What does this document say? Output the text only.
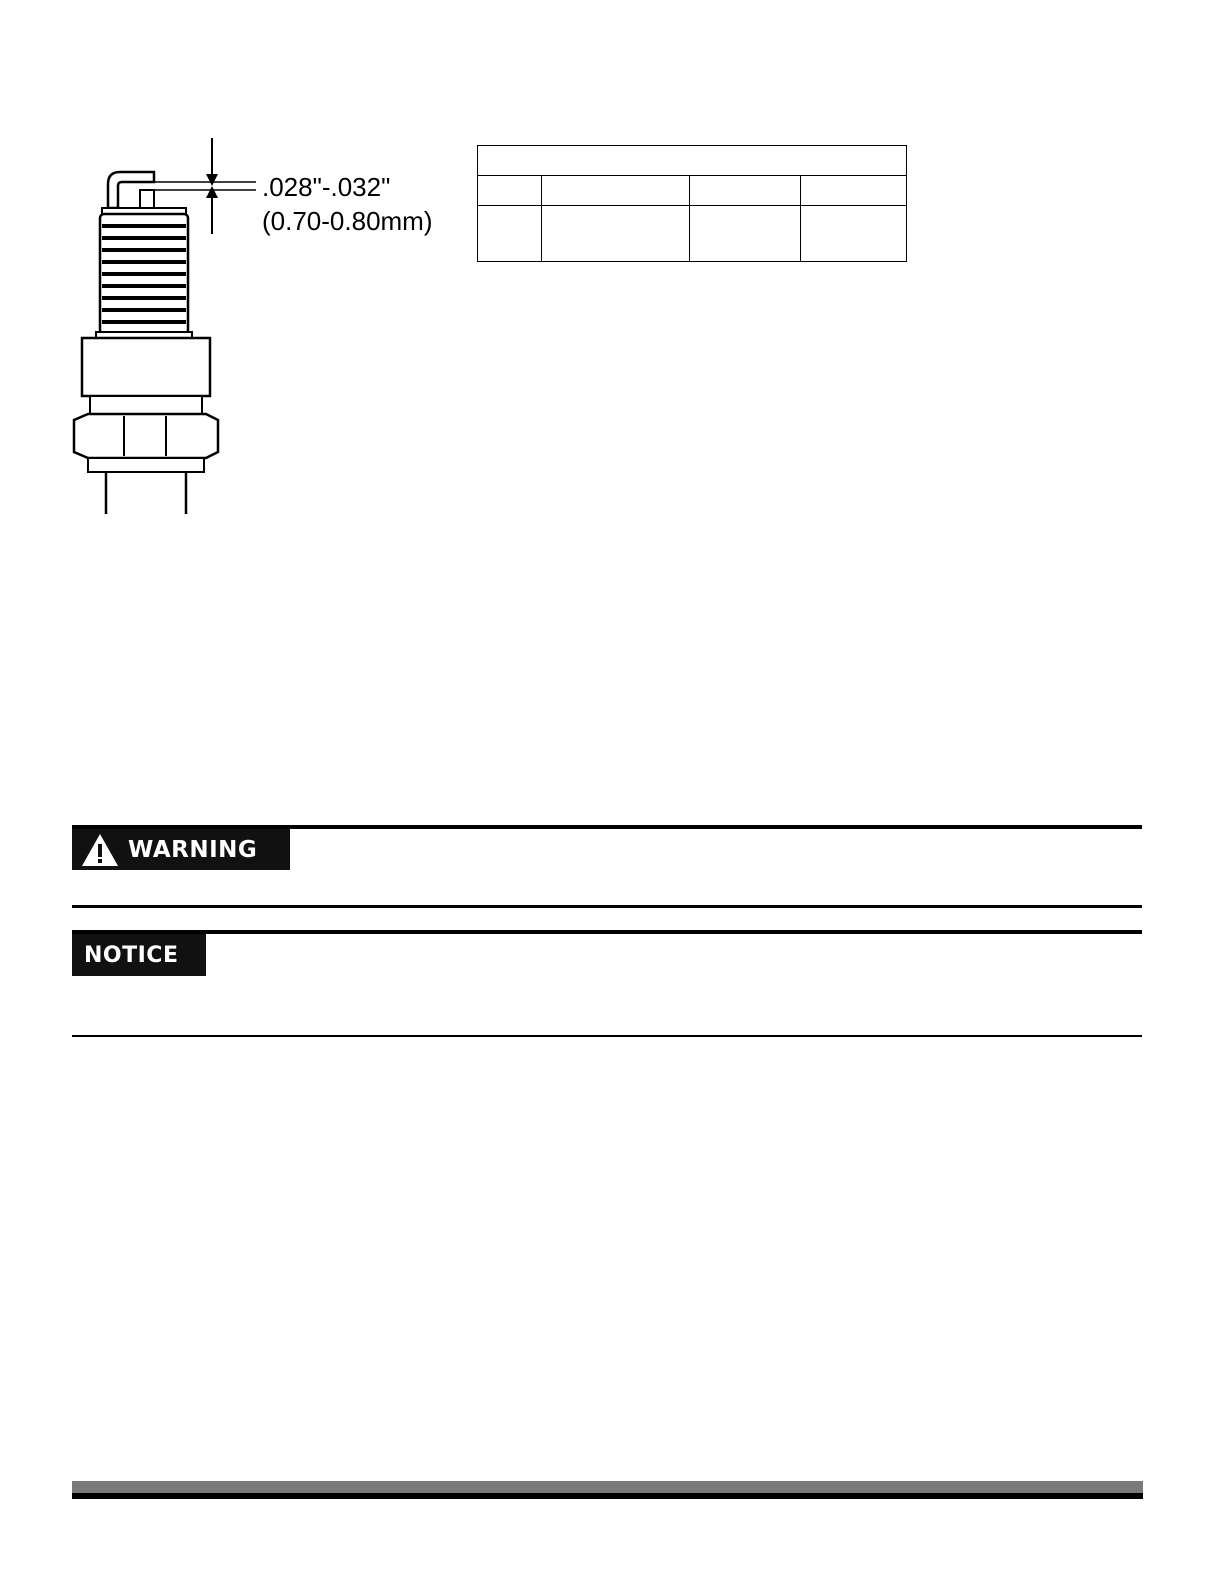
.028"-.032"
(0.70-0.80mm)

WARNING
NOTICE
